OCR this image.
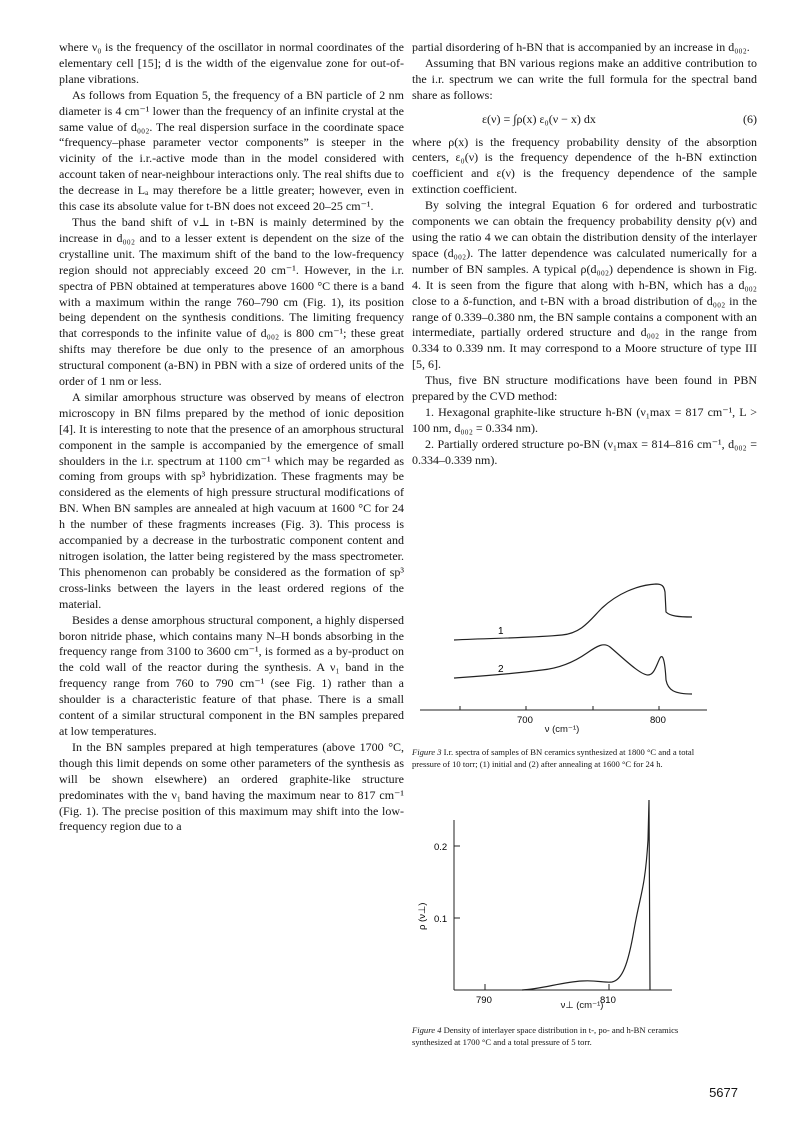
where ν₀ is the frequency of the oscillator in normal coordinates of the elementary cell [15]; d is the width of the eigenvalue zone for out-of-plane vibrations.

As follows from Equation 5, the frequency of a BN particle of 2 nm diameter is 4 cm⁻¹ lower than the frequency of an infinite crystal at the same value of d₀₀₂. The real dispersion surface in the coordinate space “frequency–phase parameter vector components” is steeper in the vicinity of the i.r.-active mode than in the model considered with account taken of near-neighbour interactions only. The real shifts due to the decrease in Lₐ may therefore be a little greater; however, even in this case its absolute value for t-BN does not exceed 20–25 cm⁻¹.

Thus the band shift of ν⊥ in t-BN is mainly determined by the increase in d₀₀₂ and to a lesser extent is dependent on the size of the crystalline unit. The maximum shift of the band to the low-frequency region should not appreciably exceed 20 cm⁻¹. However, in the i.r. spectra of PBN obtained at temperatures above 1600 °C there is a band with a maximum within the range 760–790 cm (Fig. 1), its position being dependent on the synthesis conditions. The limiting frequency that corresponds to the infinite value of d₀₀₂ is 800 cm⁻¹; these great shifts may therefore be due only to the presence of an amorphous structural component (a-BN) in PBN with a size of ordered units of the order of 1 nm or less.

A similar amorphous structure was observed by means of electron microscopy in BN films prepared by the method of ionic deposition [4]. It is interesting to note that the presence of an amorphous structural component in the sample is accompanied by the emergence of small shoulders in the i.r. spectrum at 1100 cm⁻¹ which may be regarded as coming from groups with sp³ hybridization. These fragments may be considered as the elements of high pressure structural modifications of BN. When BN samples are annealed at high vacuum at 1600 °C for 24 h the number of these fragments increases (Fig. 3). This process is accompanied by a decrease in the turbostratic component content and nitrogen isolation, the latter being registered by the mass spectrometer. This phenomenon can probably be considered as the formation of sp³ cross-links between the layers in the least ordered regions of the material.

Besides a dense amorphous structural component, a highly dispersed boron nitride phase, which contains many N–H bonds absorbing in the frequency range from 3100 to 3600 cm⁻¹, is formed as a by-product on the cold wall of the reactor during the synthesis. A ν₁ band in the frequency range from 760 to 790 cm⁻¹ (see Fig. 1) rather than a shoulder is a characteristic feature of that phase. There is a small content of a similar structural component in the BN samples prepared at low temperatures.

In the BN samples prepared at high temperatures (above 1700 °C, though this limit depends on some other parameters of the synthesis as will be shown elsewhere) an ordered graphite-like structure predominates with the ν₁ band having the maximum near to 817 cm⁻¹ (Fig. 1). The precise position of this maximum may shift into the low-frequency region due to a

partial disordering of h-BN that is accompanied by an increase in d₀₀₂.

Assuming that BN various regions make an additive contribution to the i.r. spectrum we can write the full formula for the spectral band share as follows:

ε(ν) = ∫ρ(x) ε₀(ν − x) dx	(6)

where ρ(x) is the frequency probability density of the absorption centers, ε₀(ν) is the frequency dependence of the h-BN extinction coefficient and ε(ν) is the frequency dependence of the sample extinction coefficient.

By solving the integral Equation 6 for ordered and turbostratic components we can obtain the frequency probability density ρ(ν) and using the ratio 4 we can obtain the distribution density of the interlayer space (d₀₀₂). The latter dependence was calculated numerically for a number of BN samples. A typical ρ(d₀₀₂) dependence is shown in Fig. 4. It is seen from the figure that along with h-BN, which has a d₀₀₂ close to a δ-function, and t-BN with a broad distribution of d₀₀₂ in the range of 0.339–0.380 nm, the BN sample contains a component with an intermediate, partially ordered structure and d₀₀₂ in the range from 0.334 to 0.339 nm. It may correspond to a Moore structure of type III [5, 6].

Thus, five BN structure modifications have been found in PBN prepared by the CVD method:

1. Hexagonal graphite-like structure h-BN (ν₁max = 817 cm⁻¹, L > 100 nm, d₀₀₂ = 0.334 nm).

2. Partially ordered structure po-BN (ν₁max = 814–816 cm⁻¹, d₀₀₂ = 0.334–0.339 nm).

1
2
700	800
ν (cm⁻¹)
Figure 3 I.r. spectra of samples of BN ceramics synthesized at 1800 °C and a total pressure of 10 torr; (1) initial and (2) after annealing at 1600 °C for 24 h.
0.2
0.1
ρ (ν⊥)
790	810
ν⊥ (cm⁻¹)
Figure 4 Density of interlayer space distribution in t-, po- and h-BN ceramics synthesized at 1700 °C and a total pressure of 5 torr.
5677
